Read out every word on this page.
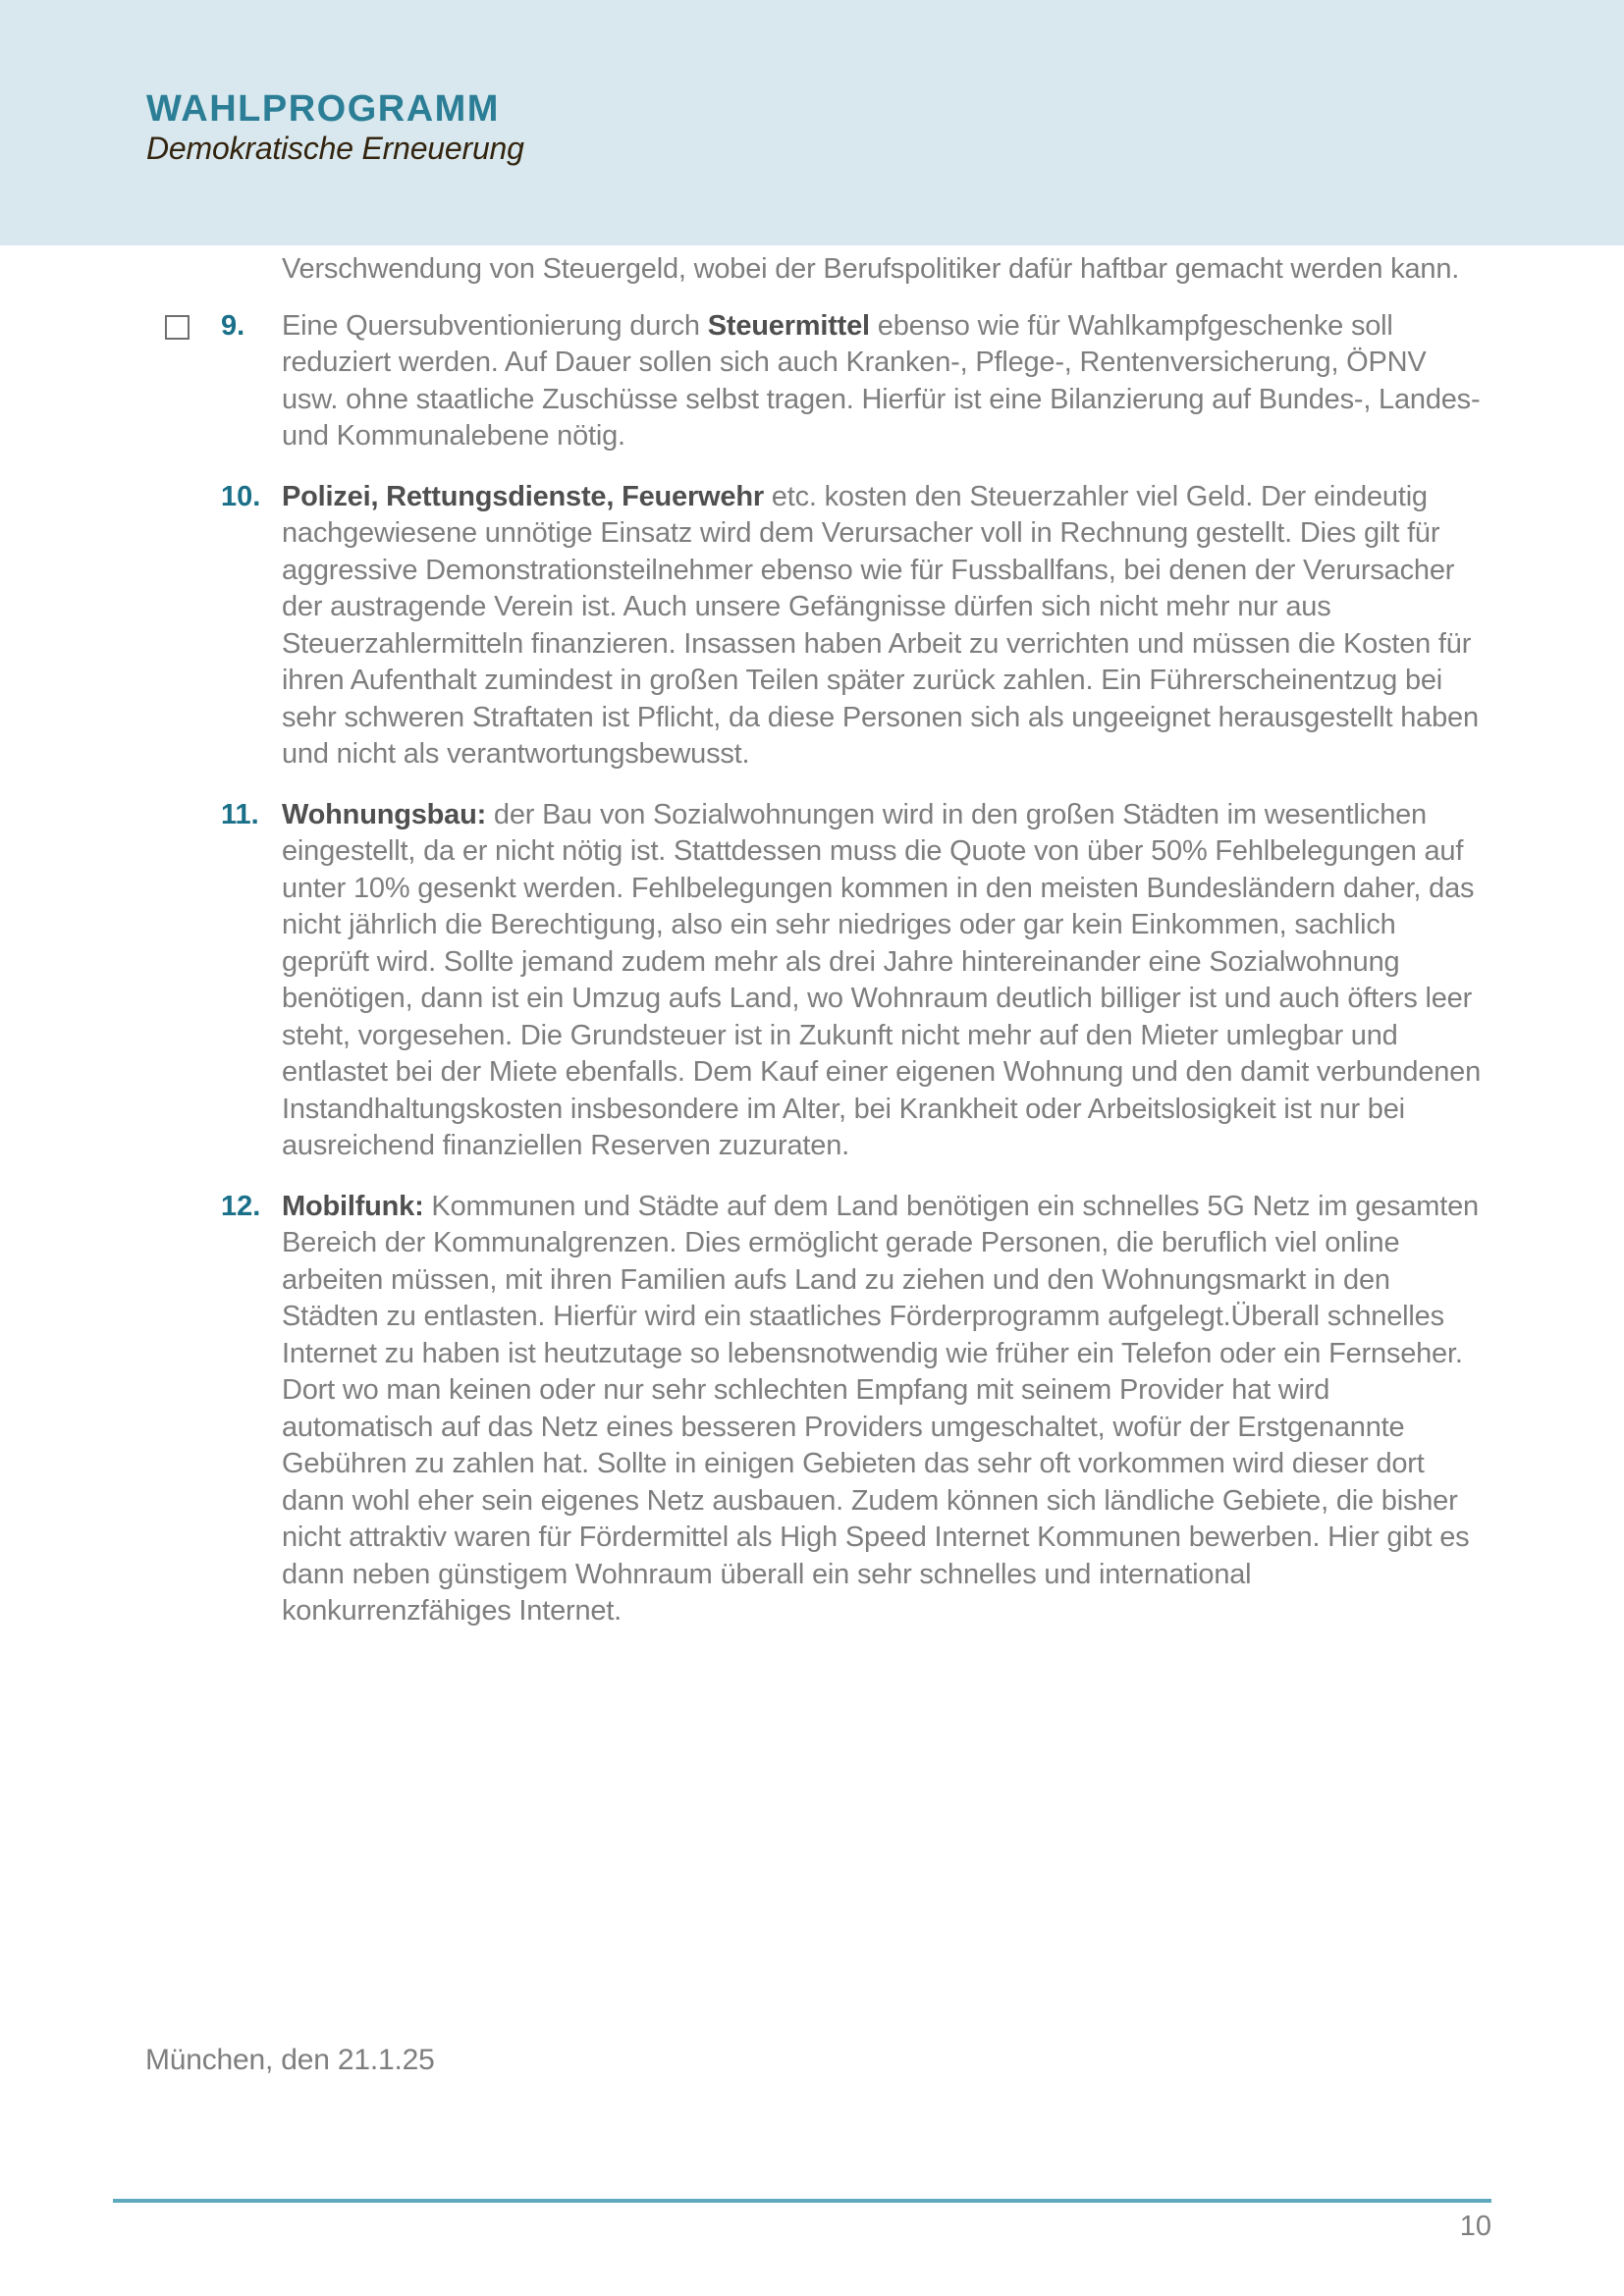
WAHLPROGRAMM
Demokratische Erneuerung

Verschwendung von Steuergeld, wobei der Berufspolitiker dafür haftbar gemacht werden kann.

9. Eine Quersubventionierung durch Steuermittel ebenso wie für Wahlkampfgeschenke soll reduziert werden. Auf Dauer sollen sich auch Kranken-, Pflege-, Rentenversicherung, ÖPNV usw. ohne staatliche Zuschüsse selbst tragen. Hierfür ist eine Bilanzierung auf Bundes-, Landes- und Kommunalebene nötig.
10. Polizei, Rettungsdienste, Feuerwehr etc. kosten den Steuerzahler viel Geld. Der eindeutig nachgewiesene unnötige Einsatz wird dem Verursacher voll in Rechnung gestellt. Dies gilt für aggressive Demonstrationsteilnehmer ebenso wie für Fussballfans, bei denen der Verursacher der austragende Verein ist. Auch unsere Gefängnisse dürfen sich nicht mehr nur aus Steuerzahlermitteln finanzieren. Insassen haben Arbeit zu verrichten und müssen die Kosten für ihren Aufenthalt zumindest in großen Teilen später zurück zahlen. Ein Führerscheinentzug bei sehr schweren Straftaten ist Pflicht, da diese Personen sich als ungeeignet herausgestellt haben und nicht als verantwortungsbewusst.
11. Wohnungsbau: der Bau von Sozialwohnungen wird in den großen Städten im wesentlichen eingestellt, da er nicht nötig ist. Stattdessen muss die Quote von über 50% Fehlbelegungen auf unter 10% gesenkt werden. Fehlbelegungen kommen in den meisten Bundesländern daher, das nicht jährlich die Berechtigung, also ein sehr niedriges oder gar kein Einkommen, sachlich geprüft wird. Sollte jemand zudem mehr als drei Jahre hintereinander eine Sozialwohnung benötigen, dann ist ein Umzug aufs Land, wo Wohnraum deutlich billiger ist und auch öfters leer steht, vorgesehen. Die Grundsteuer ist in Zukunft nicht mehr auf den Mieter umlegbar und entlastet bei der Miete ebenfalls. Dem Kauf einer eigenen Wohnung und den damit verbundenen Instandhaltungskosten insbesondere im Alter, bei Krankheit oder Arbeitslosigkeit ist nur bei ausreichend finanziellen Reserven zuzuraten.
12. Mobilfunk: Kommunen und Städte auf dem Land benötigen ein schnelles 5G Netz im gesamten Bereich der Kommunalgrenzen. Dies ermöglicht gerade Personen, die beruflich viel online arbeiten müssen, mit ihren Familien aufs Land zu ziehen und den Wohnungsmarkt in den Städten zu entlasten. Hierfür wird ein staatliches Förderprogramm aufgelegt.Überall schnelles Internet zu haben ist heutzutage so lebensnotwendig wie früher ein Telefon oder ein Fernseher. Dort wo man keinen oder nur sehr schlechten Empfang mit seinem Provider hat wird automatisch auf das Netz eines besseren Providers umgeschaltet, wofür der Erstgenannte Gebühren zu zahlen hat. Sollte in einigen Gebieten das sehr oft vorkommen wird dieser dort dann wohl eher sein eigenes Netz ausbauen. Zudem können sich ländliche Gebiete, die bisher nicht attraktiv waren für Fördermittel als High Speed Internet Kommunen bewerben. Hier gibt es dann neben günstigem Wohnraum überall ein sehr schnelles und international konkurrenzfähiges Internet.
München, den 21.1.25
10
